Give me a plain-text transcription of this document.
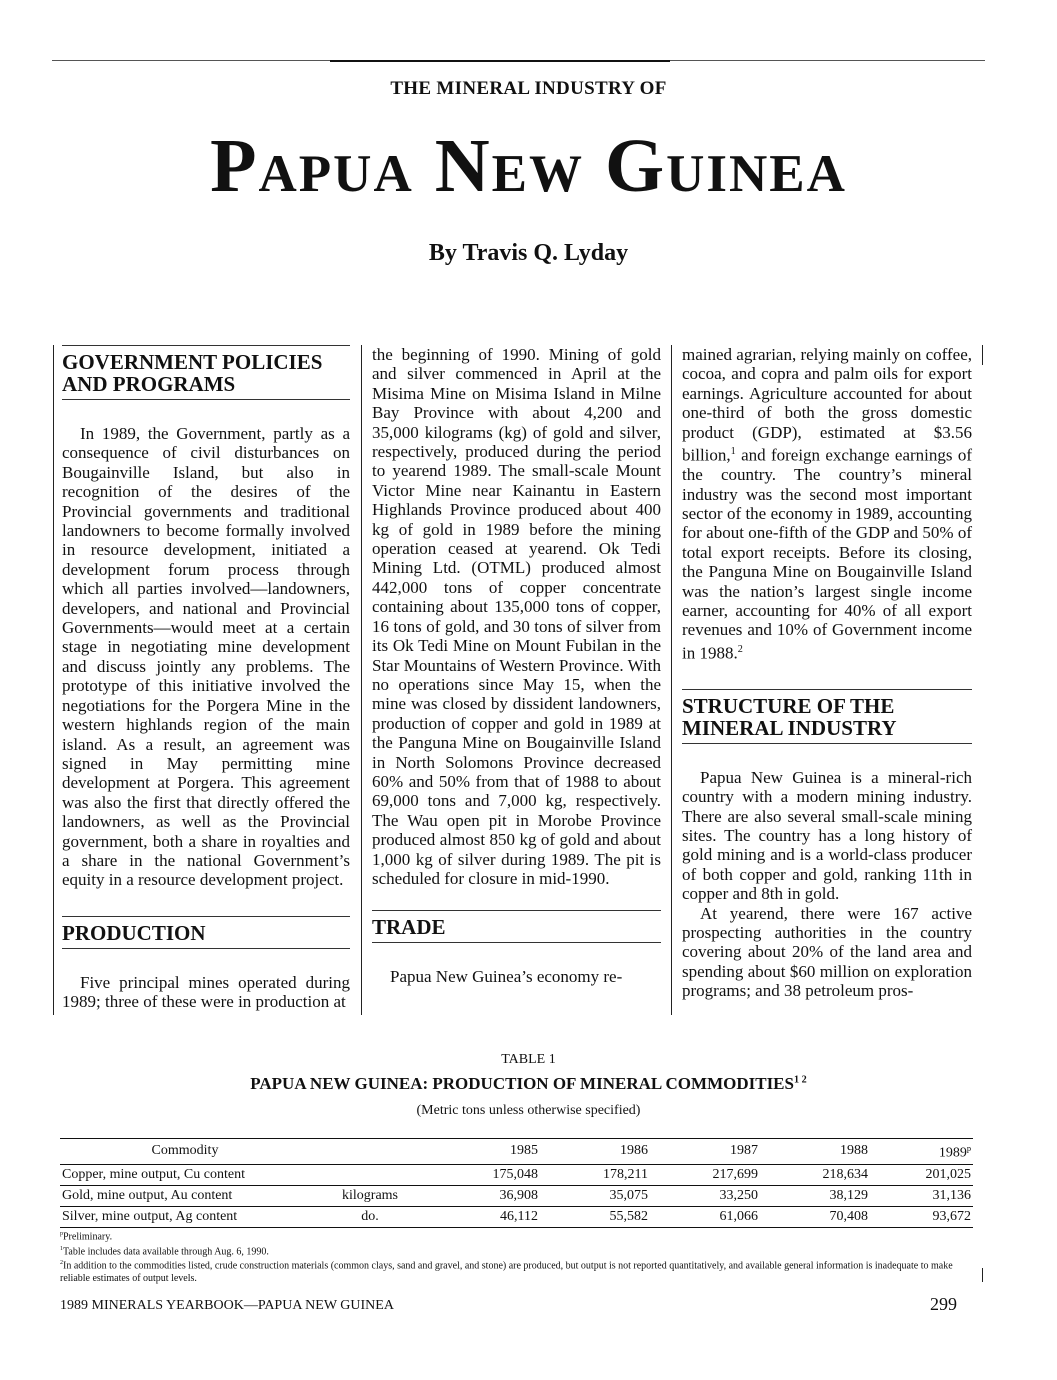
THE MINERAL INDUSTRY OF
Papua New Guinea
By Travis Q. Lyday
GOVERNMENT POLICIES AND PROGRAMS

In 1989, the Government, partly as a consequence of civil disturbances on Bougainville Island, but also in recognition of the desires of the Provincial governments and traditional landowners to become formally involved in resource development, initiated a development forum process through which all parties involved—landowners, developers, and national and Provincial Governments—would meet at a certain stage in negotiating mine development and discuss jointly any problems. The prototype of this initiative involved the negotiations for the Porgera Mine in the western highlands region of the main island. As a result, an agreement was signed in May permitting mine development at Porgera. This agreement was also the first that directly offered the landowners, as well as the Provincial government, both a share in royalties and a share in the national Government’s equity in a resource development project.

PRODUCTION

Five principal mines operated during 1989; three of these were in production at

the beginning of 1990. Mining of gold and silver commenced in April at the Misima Mine on Misima Island in Milne Bay Province with about 4,200 and 35,000 kilograms (kg) of gold and silver, respectively, produced during the period to yearend 1989. The small-scale Mount Victor Mine near Kainantu in Eastern Highlands Province produced about 400 kg of gold in 1989 before the mining operation ceased at yearend. Ok Tedi Mining Ltd. (OTML) produced almost 442,000 tons of copper concentrate containing about 135,000 tons of copper, 16 tons of gold, and 30 tons of silver from its Ok Tedi Mine on Mount Fubilan in the Star Mountains of Western Province. With no operations since May 15, when the mine was closed by dissident landowners, production of copper and gold in 1989 at the Panguna Mine on Bougainville Island in North Solomons Province decreased 60% and 50% from that of 1988 to about 69,000 tons and 7,000 kg, respectively. The Wau open pit in Morobe Province produced almost 850 kg of gold and about 1,000 kg of silver during 1989. The pit is scheduled for closure in mid-1990.

TRADE

Papua New Guinea’s economy re-

mained agrarian, relying mainly on coffee, cocoa, and copra and palm oils for export earnings. Agriculture accounted for about one-third of both the gross domestic product (GDP), estimated at $3.56 billion,$^1$ and foreign exchange earnings of the country. The country’s mineral industry was the second most important sector of the economy in 1989, accounting for about one-fifth of the GDP and 50% of total export receipts. Before its closing, the Panguna Mine on Bougainville Island was the nation’s largest single income earner, accounting for 40% of all export revenues and 10% of Government income in 1988.$^2$

STRUCTURE OF THE MINERAL INDUSTRY

Papua New Guinea is a mineral-rich country with a modern mining industry. There are also several small-scale mining sites. The country has a long history of gold mining and is a world-class producer of both copper and gold, ranking 11th in copper and 8th in gold.

At yearend, there were 167 active prospecting authorities in the country covering about 20% of the land area and spending about $60 million on exploration programs; and 38 petroleum pros-

TABLE 1
PAPUA NEW GUINEA: PRODUCTION OF MINERAL $COMMODITIES^{1 2}$
(Metric tons unless otherwise specified)
Commodity		1985	1986	1987	1988	1989$^p$
Copper, mine output, Cu content		175,048	178,211	217,699	218,634	201,025
Gold, mine output, Au content	kilograms	36,908	35,075	33,250	38,129	31,136
Silver, mine output, Ag content	do.	46,112	55,582	61,066	70,408	93,672
$^p$Preliminary.
$^1$Table includes data available through Aug. 6, 1990.
$^2$In addition to the commodities listed, crude construction materials (common clays, sand and gravel, and stone) are produced, but output is not reported quantitatively, and available general information is inadequate to make reliable estimates of output levels.
1989 MINERALS YEARBOOK—PAPUA NEW GUINEA	299
